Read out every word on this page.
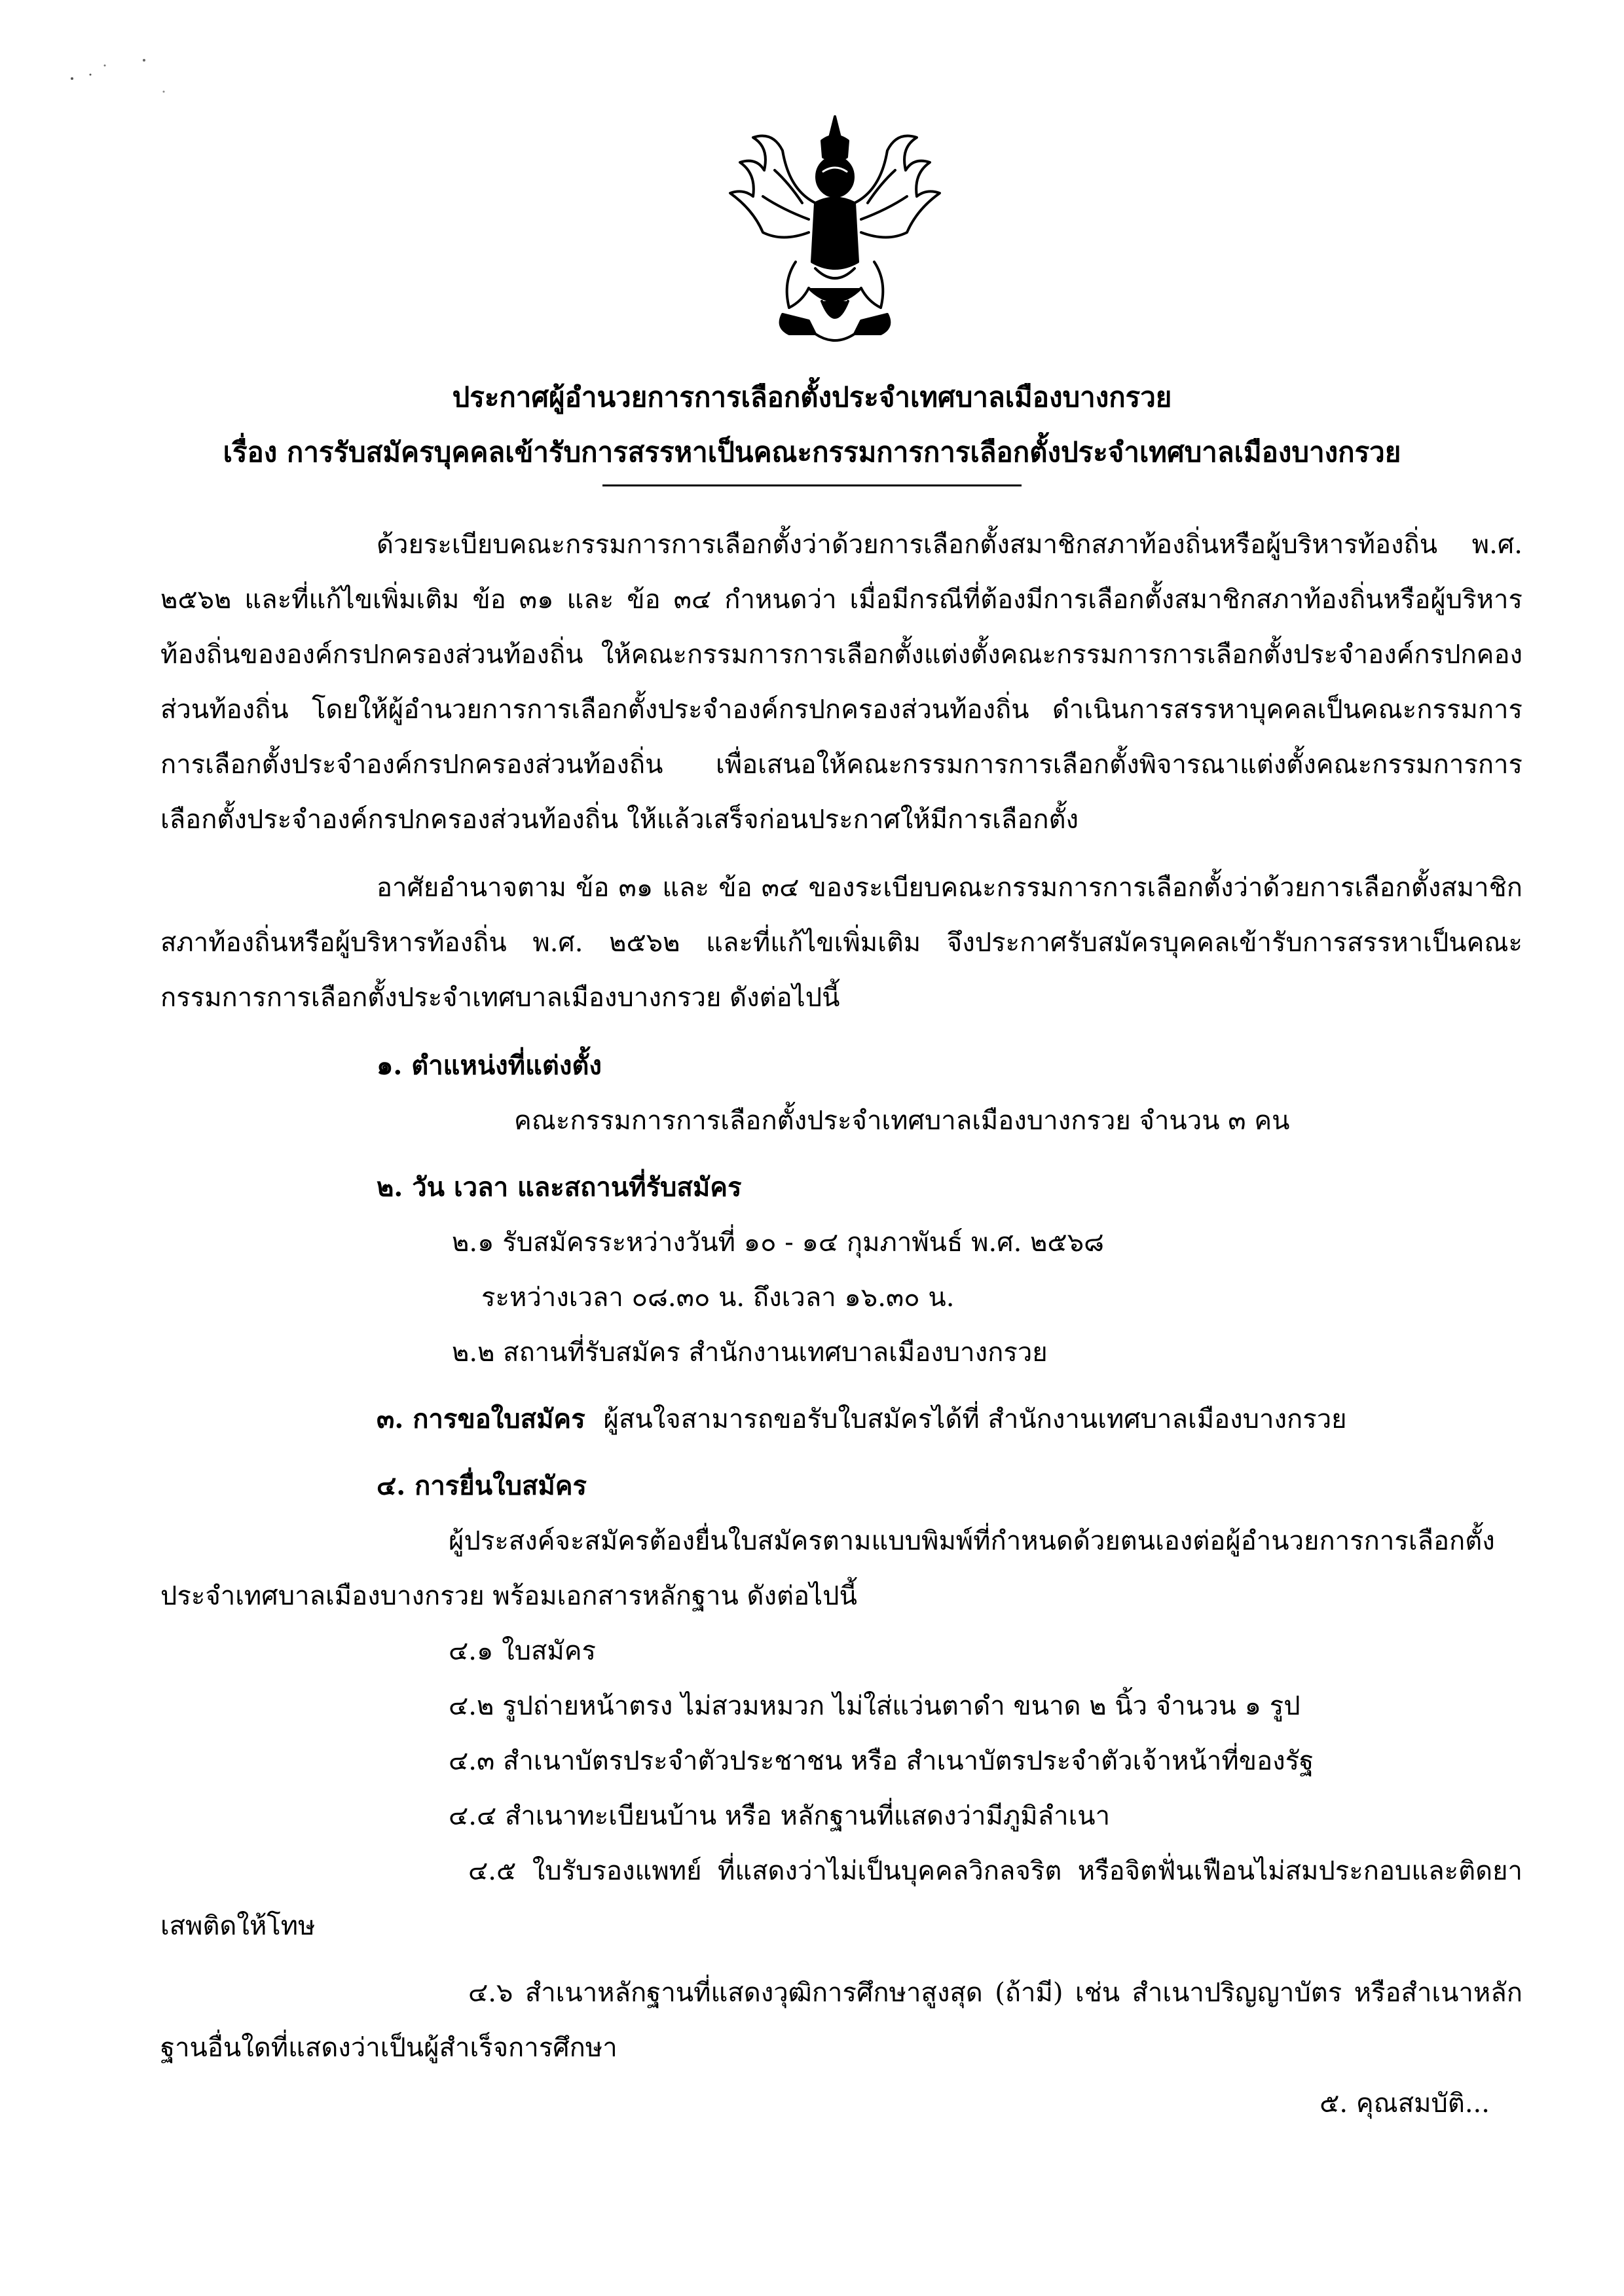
ประกาศผู้อำนวยการการเลือกตั้งประจำเทศบาลเมืองบางกรวย
เรื่อง การรับสมัครบุคคลเข้ารับการสรรหาเป็นคณะกรรมการการเลือกตั้งประจำเทศบาลเมืองบางกรวย

ด้วยระเบียบคณะกรรมการการเลือกตั้งว่าด้วยการเลือกตั้งสมาชิกสภาท้องถิ่นหรือผู้บริหารท้องถิ่น พ.ศ. ๒๕๖๒ และที่แก้ไขเพิ่มเติม ข้อ ๓๑ และ ข้อ ๓๔ กำหนดว่า เมื่อมีกรณีที่ต้องมีการเลือกตั้งสมาชิกสภาท้องถิ่นหรือผู้บริหารท้องถิ่นขององค์กรปกครองส่วนท้องถิ่น ให้คณะกรรมการการเลือกตั้งแต่งตั้งคณะกรรมการการเลือกตั้งประจำองค์กรปกคองส่วนท้องถิ่น โดยให้ผู้อำนวยการการเลือกตั้งประจำองค์กรปกครองส่วนท้องถิ่น ดำเนินการสรรหาบุคคลเป็นคณะกรรมการการเลือกตั้งประจำองค์กรปกครองส่วนท้องถิ่น เพื่อเสนอให้คณะกรรมการการเลือกตั้งพิจารณาแต่งตั้งคณะกรรมการการเลือกตั้งประจำองค์กรปกครองส่วนท้องถิ่น ให้แล้วเสร็จก่อนประกาศให้มีการเลือกตั้ง

อาศัยอำนาจตาม ข้อ ๓๑ และ ข้อ ๓๔ ของระเบียบคณะกรรมการการเลือกตั้งว่าด้วยการเลือกตั้งสมาชิกสภาท้องถิ่นหรือผู้บริหารท้องถิ่น พ.ศ. ๒๕๖๒ และที่แก้ไขเพิ่มเติม จึงประกาศรับสมัครบุคคลเข้ารับการสรรหาเป็นคณะกรรมการการเลือกตั้งประจำเทศบาลเมืองบางกรวย ดังต่อไปนี้

๑. ตำแหน่งที่แต่งตั้ง

คณะกรรมการการเลือกตั้งประจำเทศบาลเมืองบางกรวย จำนวน ๓ คน

๒. วัน เวลา และสถานที่รับสมัคร

๒.๑ รับสมัครระหว่างวันที่ ๑๐ - ๑๔ กุมภาพันธ์ พ.ศ. ๒๕๖๘

ระหว่างเวลา ๐๘.๓๐ น. ถึงเวลา ๑๖.๓๐ น.

๒.๒ สถานที่รับสมัคร สำนักงานเทศบาลเมืองบางกรวย

๓. การขอใบสมัคร ผู้สนใจสามารถขอรับใบสมัครได้ที่ สำนักงานเทศบาลเมืองบางกรวย

๔. การยื่นใบสมัคร

ผู้ประสงค์จะสมัครต้องยื่นใบสมัครตามแบบพิมพ์ที่กำหนดด้วยตนเองต่อผู้อำนวยการการเลือกตั้งประจำเทศบาลเมืองบางกรวย พร้อมเอกสารหลักฐาน ดังต่อไปนี้

๔.๑ ใบสมัคร

๔.๒ รูปถ่ายหน้าตรง ไม่สวมหมวก ไม่ใส่แว่นตาดำ ขนาด ๒ นิ้ว จำนวน ๑ รูป

๔.๓ สำเนาบัตรประจำตัวประชาชน หรือ สำเนาบัตรประจำตัวเจ้าหน้าที่ของรัฐ

๔.๔ สำเนาทะเบียนบ้าน หรือ หลักฐานที่แสดงว่ามีภูมิลำเนา

๔.๕ ใบรับรองแพทย์ ที่แสดงว่าไม่เป็นบุคคลวิกลจริต หรือจิตฟั่นเฟือนไม่สมประกอบและติดยาเสพติดให้โทษ

๔.๖ สำเนาหลักฐานที่แสดงวุฒิการศึกษาสูงสุด (ถ้ามี) เช่น สำเนาปริญญาบัตร หรือสำเนาหลักฐานอื่นใดที่แสดงว่าเป็นผู้สำเร็จการศึกษา

๕. คุณสมบัติ...
